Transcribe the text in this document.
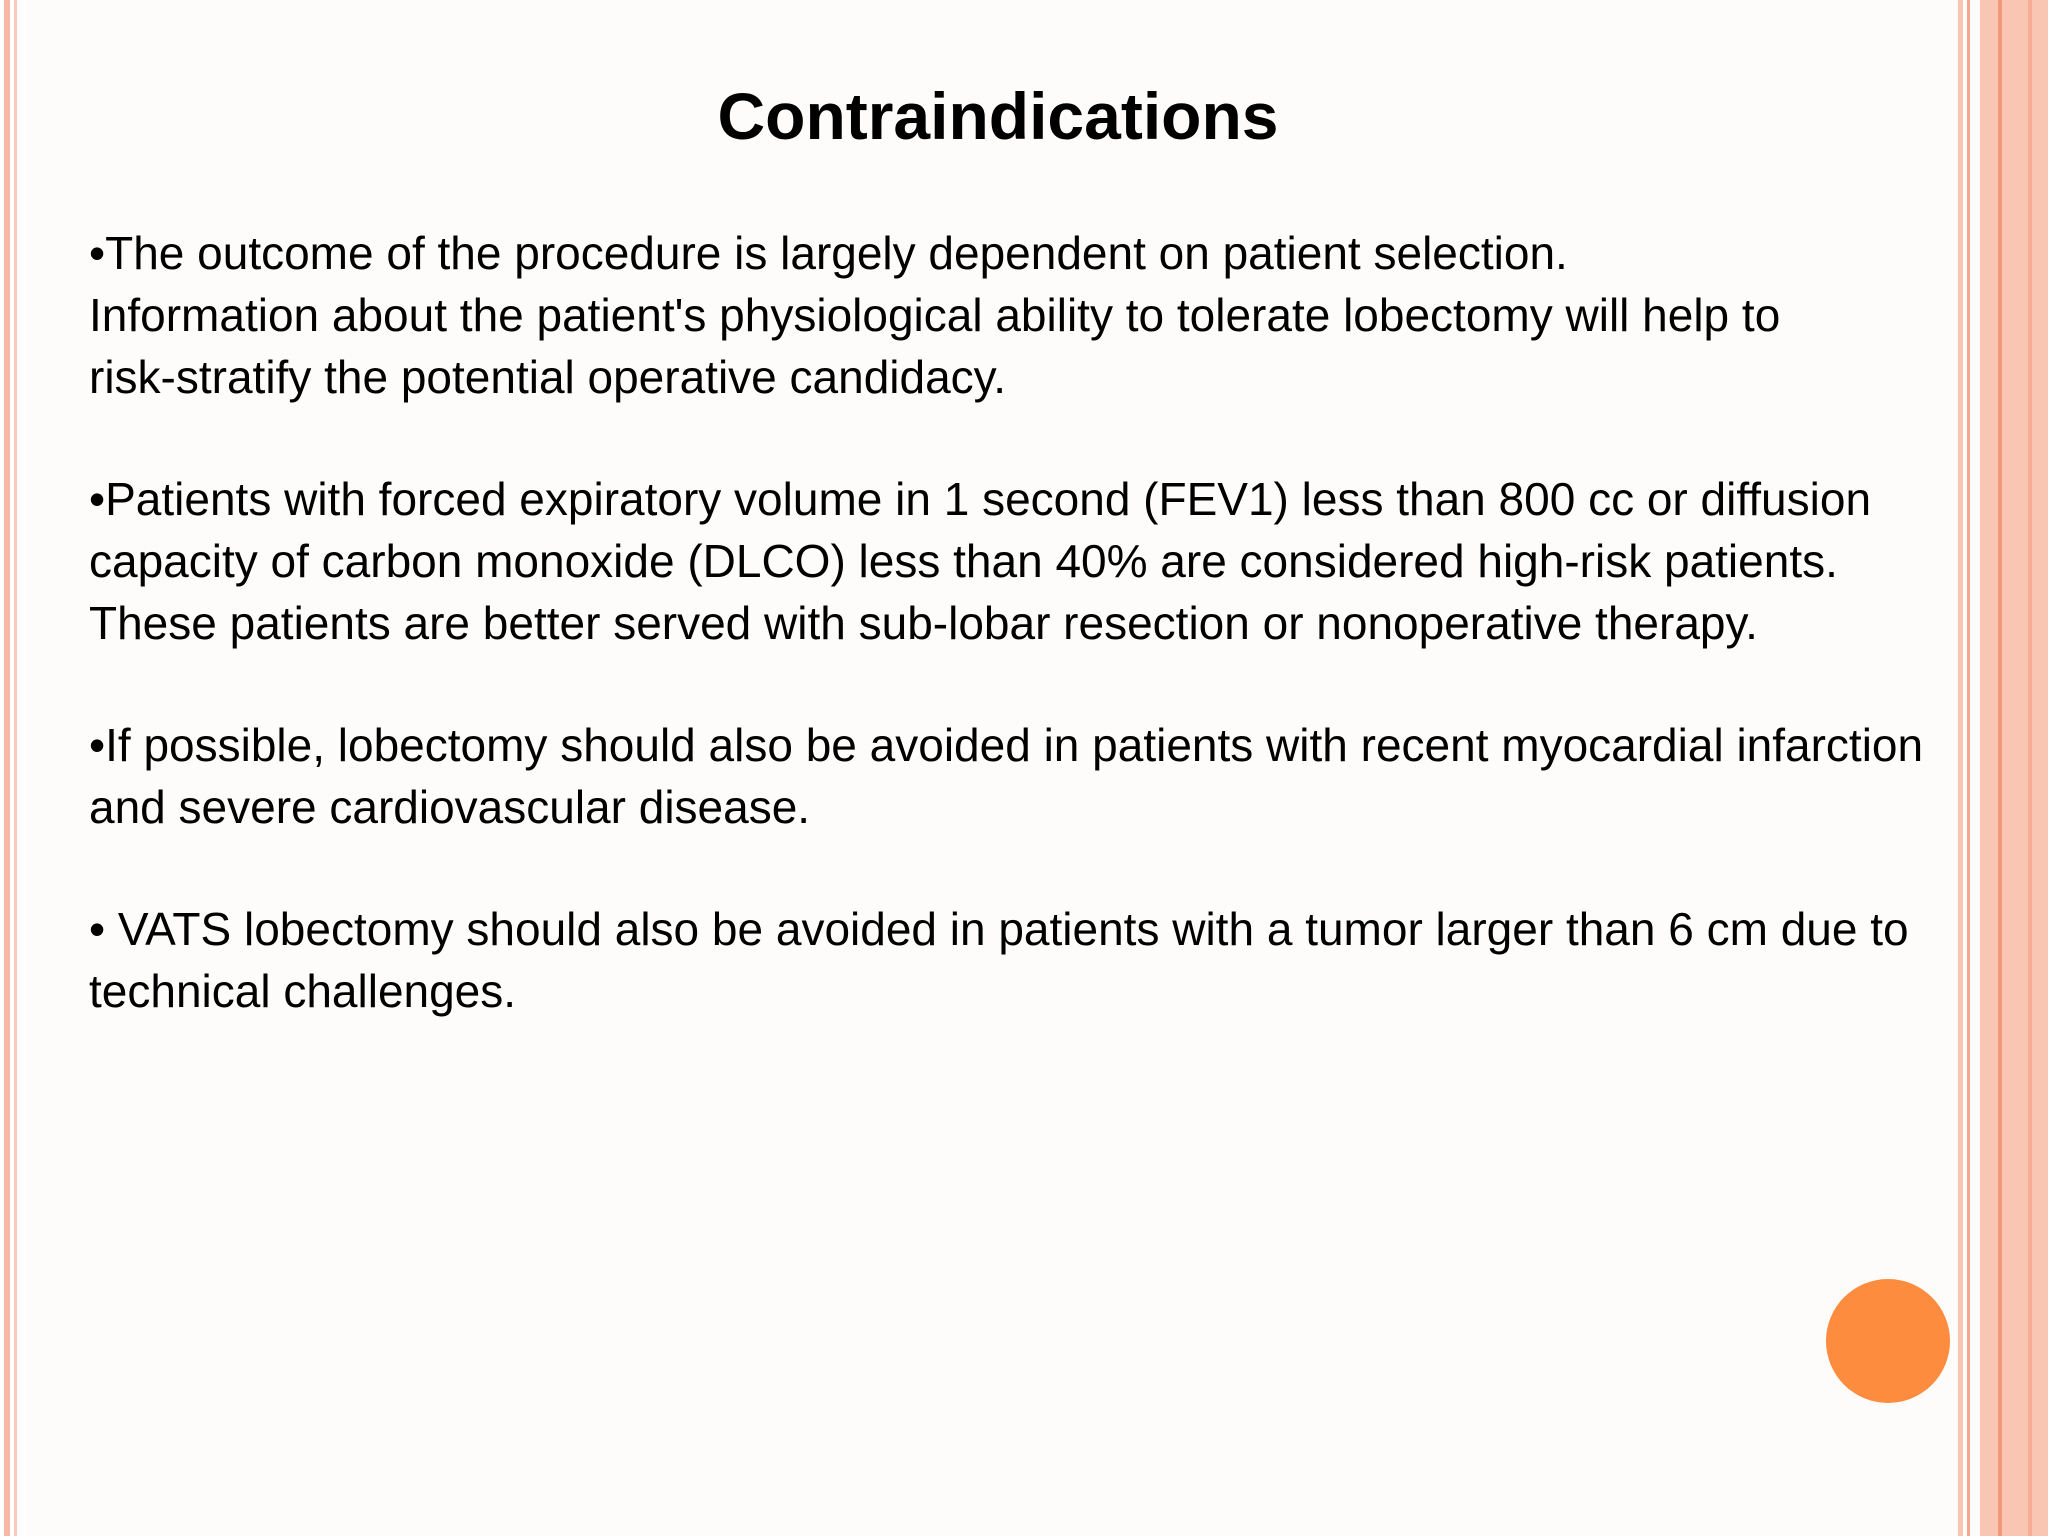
Contraindications

•The outcome of the procedure is largely dependent on patient selection. Information about the patient's physiological ability to tolerate lobectomy will help to risk-stratify the potential operative candidacy.

•Patients with forced expiratory volume in 1 second (FEV1) less than 800 cc or diffusion capacity of carbon monoxide (DLCO) less than 40% are considered high-risk patients. These patients are better served with sub-lobar resection or nonoperative therapy.

•If possible, lobectomy should also be avoided in patients with recent myocardial infarction and severe cardiovascular disease.

• VATS lobectomy should also be avoided in patients with a tumor larger than 6 cm due to technical challenges.
